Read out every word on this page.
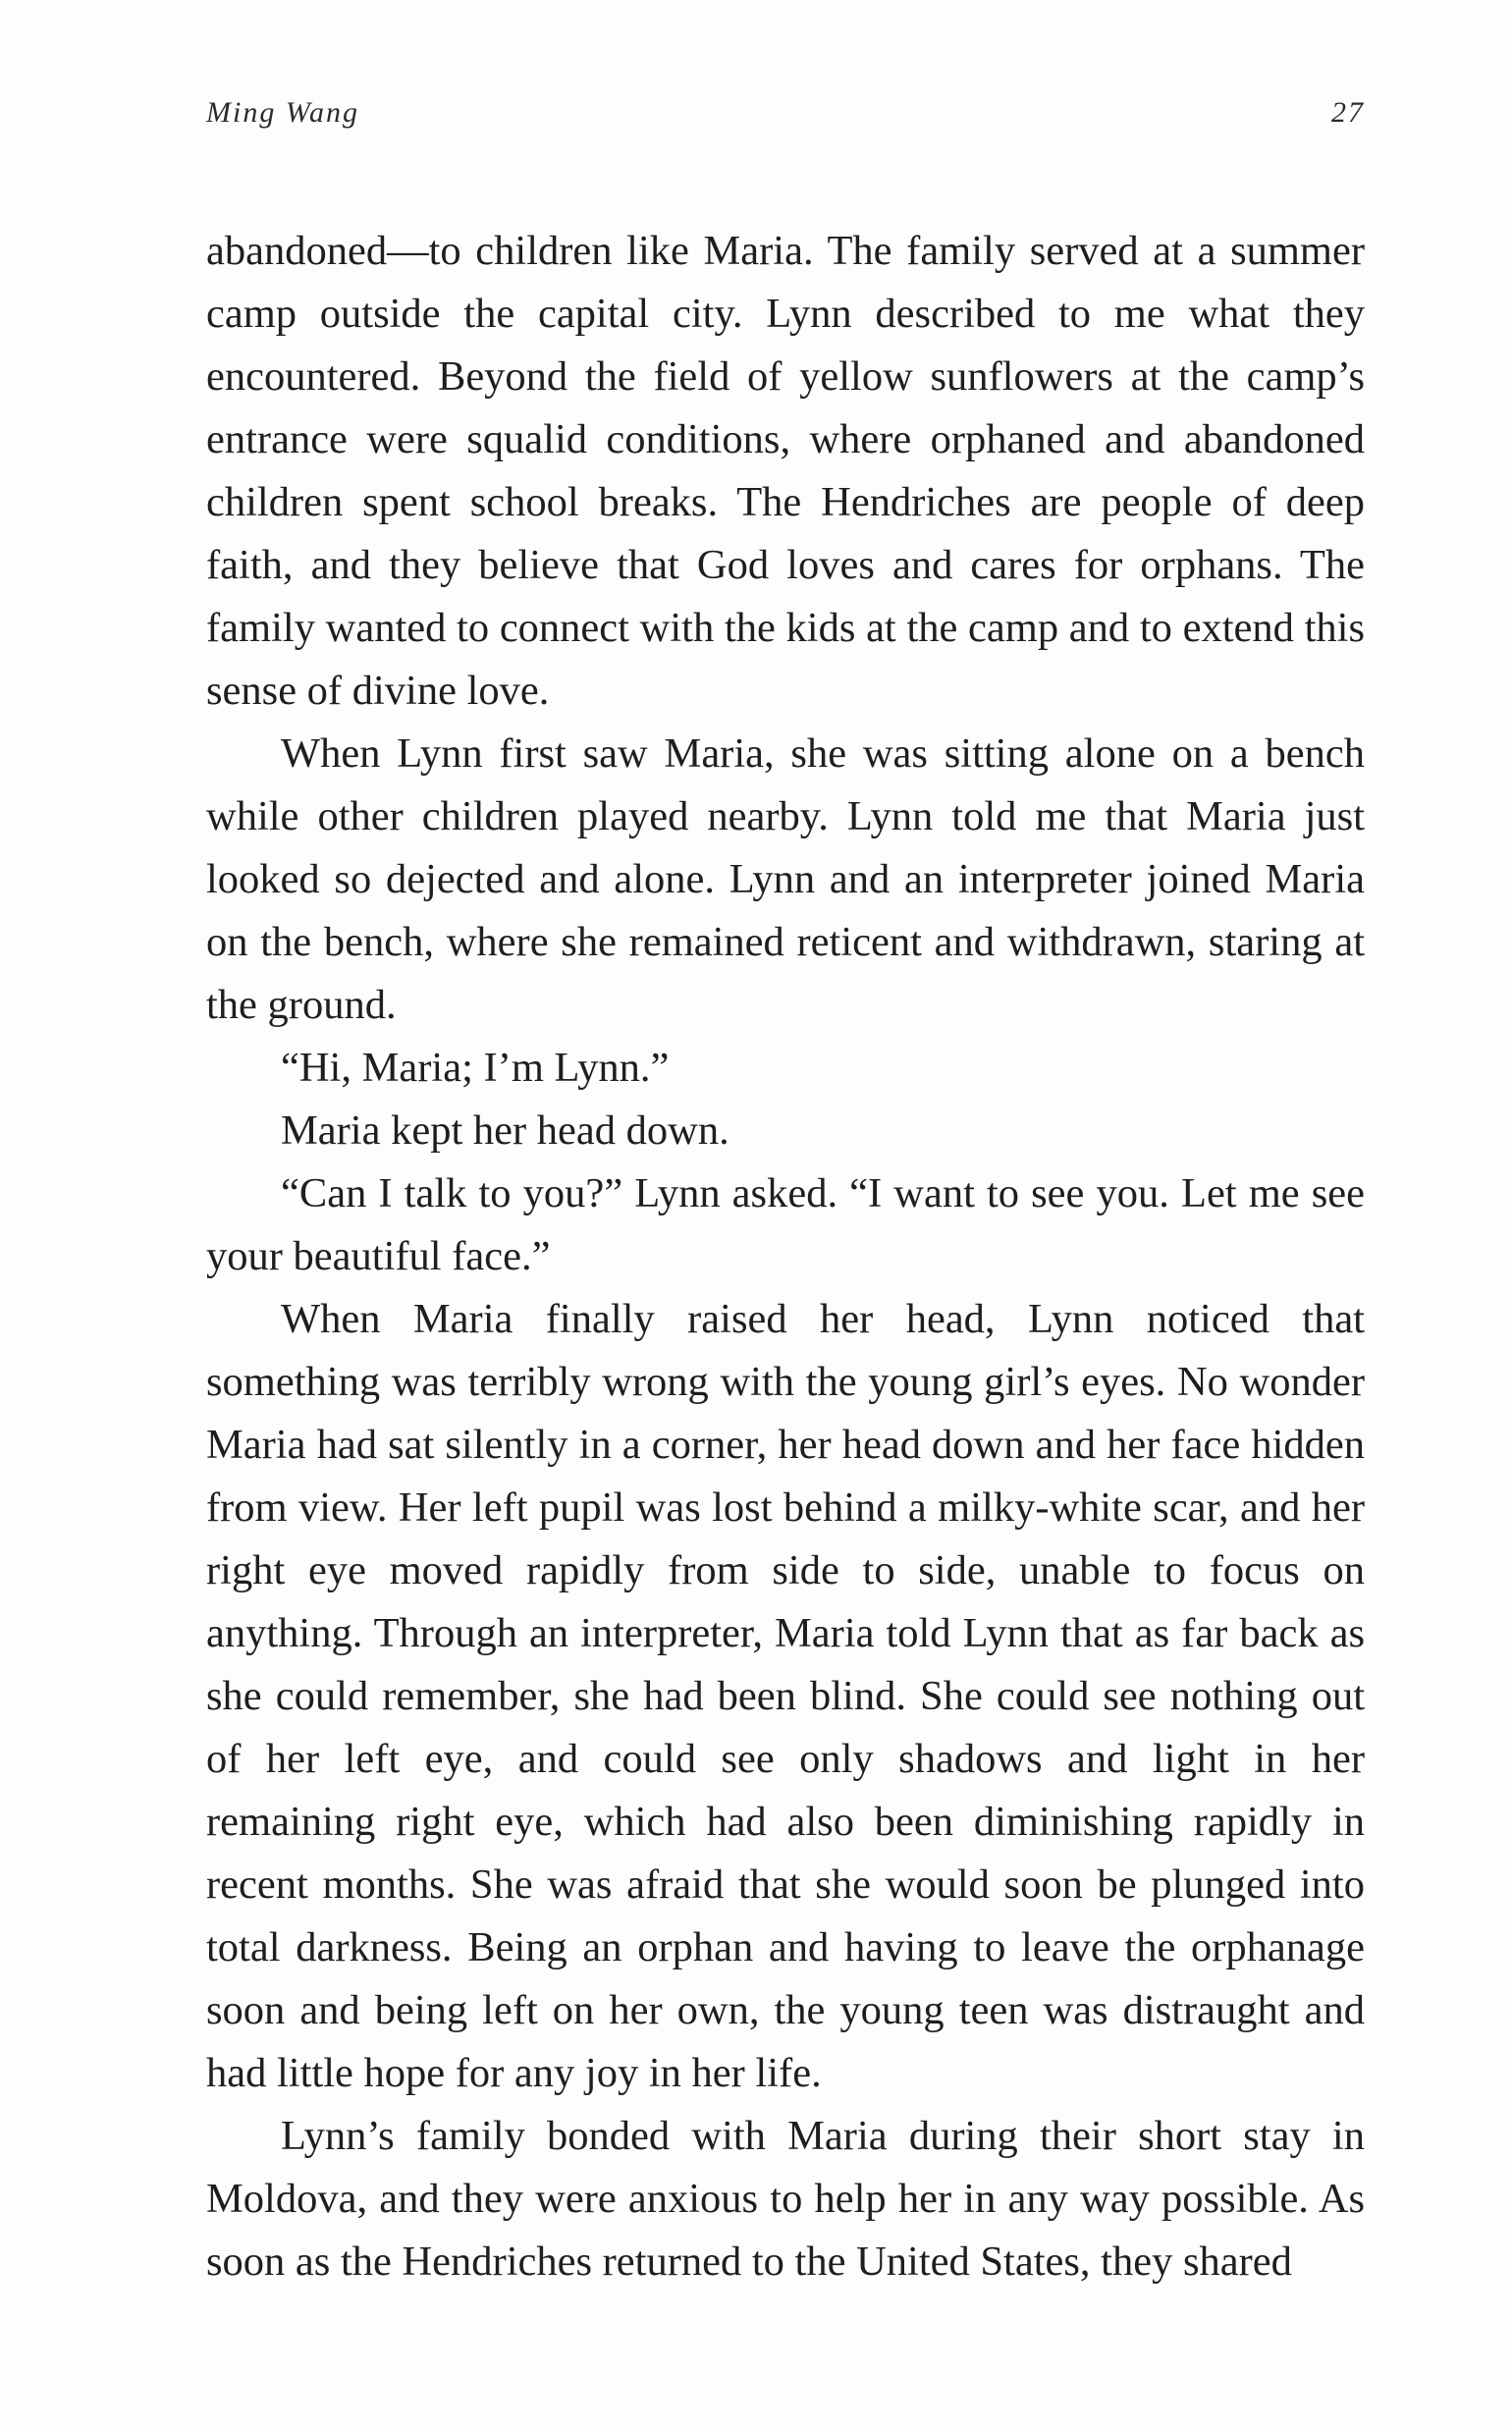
Ming Wang	27

abandoned—to children like Maria. The family served at a summer camp outside the capital city. Lynn described to me what they encountered. Beyond the field of yellow sunflowers at the camp’s entrance were squalid conditions, where orphaned and abandoned children spent school breaks. The Hendriches are people of deep faith, and they believe that God loves and cares for orphans. The family wanted to connect with the kids at the camp and to extend this sense of divine love.

When Lynn first saw Maria, she was sitting alone on a bench while other children played nearby. Lynn told me that Maria just looked so dejected and alone. Lynn and an interpreter joined Maria on the bench, where she remained reticent and withdrawn, staring at the ground.

“Hi, Maria; I’m Lynn.”

Maria kept her head down.

“Can I talk to you?” Lynn asked. “I want to see you. Let me see your beautiful face.”

When Maria finally raised her head, Lynn noticed that something was terribly wrong with the young girl’s eyes. No wonder Maria had sat silently in a corner, her head down and her face hidden from view. Her left pupil was lost behind a milky-white scar, and her right eye moved rapidly from side to side, unable to focus on anything. Through an interpreter, Maria told Lynn that as far back as she could remember, she had been blind. She could see nothing out of her left eye, and could see only shadows and light in her remaining right eye, which had also been diminishing rapidly in recent months. She was afraid that she would soon be plunged into total darkness. Being an orphan and having to leave the orphanage soon and being left on her own, the young teen was distraught and had little hope for any joy in her life.

Lynn’s family bonded with Maria during their short stay in Moldova, and they were anxious to help her in any way possible. As soon as the Hendriches returned to the United States, they shared
